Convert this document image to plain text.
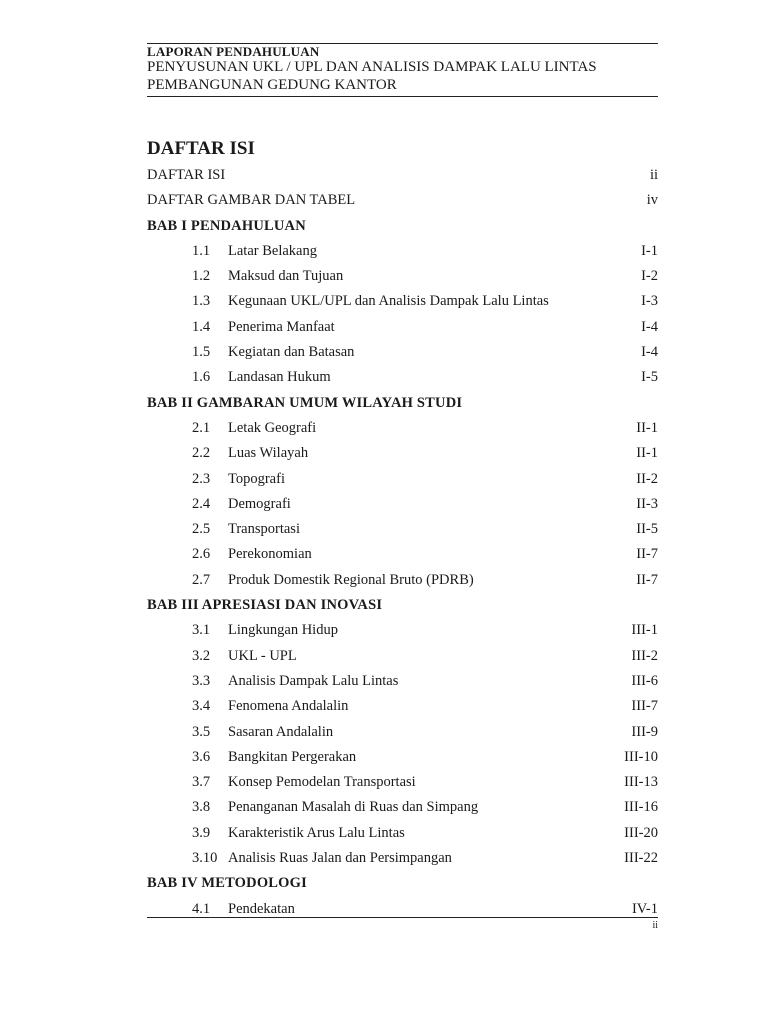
LAPORAN PENDAHULUAN
PENYUSUNAN UKL / UPL DAN ANALISIS DAMPAK LALU LINTAS
PEMBANGUNAN GEDUNG KANTOR
DAFTAR ISI
DAFTAR ISI	ii
DAFTAR GAMBAR DAN TABEL	iv
BAB I PENDAHULUAN
1.1 Latar Belakang	I-1
1.2 Maksud dan Tujuan	I-2
1.3 Kegunaan UKL/UPL dan Analisis Dampak Lalu Lintas	I-3
1.4 Penerima Manfaat	I-4
1.5 Kegiatan dan Batasan	I-4
1.6 Landasan Hukum	I-5
BAB II GAMBARAN UMUM WILAYAH STUDI
2.1 Letak Geografi	II-1
2.2 Luas Wilayah	II-1
2.3 Topografi	II-2
2.4 Demografi	II-3
2.5 Transportasi	II-5
2.6 Perekonomian	II-7
2.7 Produk Domestik Regional Bruto (PDRB)	II-7
BAB III APRESIASI DAN INOVASI
3.1 Lingkungan Hidup	III-1
3.2 UKL - UPL	III-2
3.3 Analisis Dampak Lalu Lintas	III-6
3.4 Fenomena Andalalin	III-7
3.5 Sasaran Andalalin	III-9
3.6 Bangkitan Pergerakan	III-10
3.7 Konsep Pemodelan Transportasi	III-13
3.8 Penanganan Masalah di Ruas dan Simpang	III-16
3.9 Karakteristik Arus Lalu Lintas	III-20
3.10 Analisis Ruas Jalan dan Persimpangan	III-22
BAB IV METODOLOGI
4.1 Pendekatan	IV-1
ii
